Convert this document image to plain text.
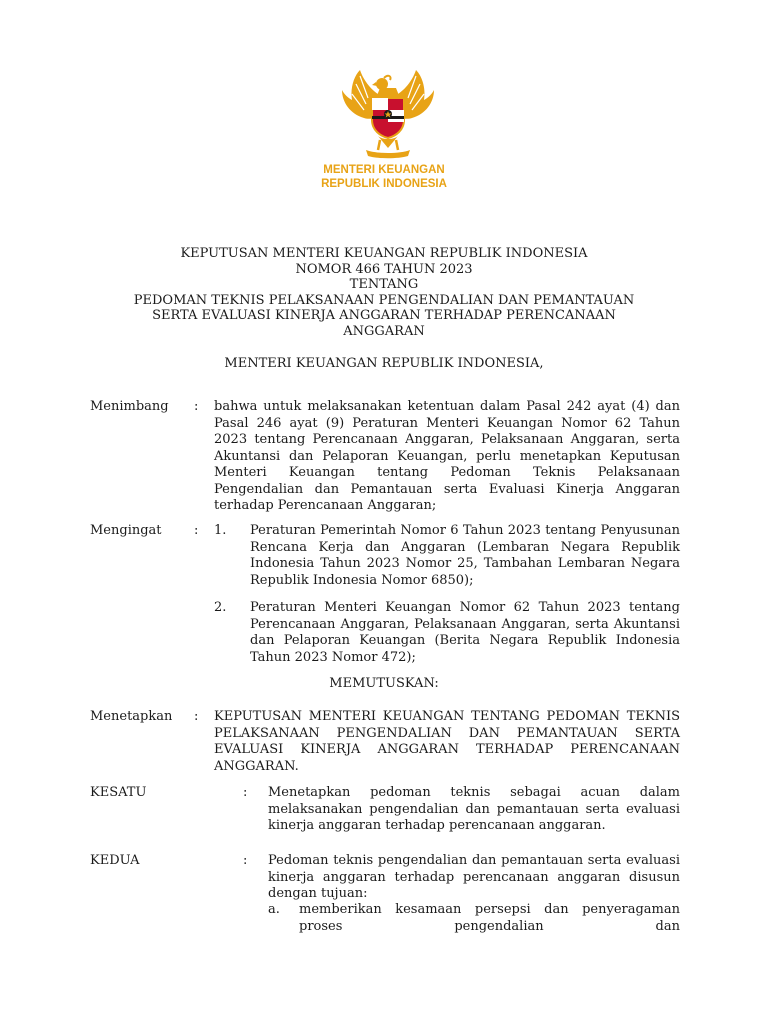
MENTERI KEUANGAN
REPUBLIK INDONESIA
KEPUTUSAN MENTERI KEUANGAN REPUBLIK INDONESIA
NOMOR 466 TAHUN 2023
TENTANG
PEDOMAN TEKNIS PELAKSANAAN PENGENDALIAN DAN PEMANTAUAN
SERTA EVALUASI KINERJA ANGGARAN TERHADAP PERENCANAAN
ANGGARAN
MENTERI KEUANGAN REPUBLIK INDONESIA,
Menimbang : bahwa untuk melaksanakan ketentuan dalam Pasal 242 ayat (4) dan Pasal 246 ayat (9) Peraturan Menteri Keuangan Nomor 62 Tahun 2023 tentang Perencanaan Anggaran, Pelaksanaan Anggaran, serta Akuntansi dan Pelaporan Keuangan, perlu menetapkan Keputusan Menteri Keuangan tentang Pedoman Teknis Pelaksanaan Pengendalian dan Pemantauan serta Evaluasi Kinerja Anggaran terhadap Perencanaan Anggaran;
Mengingat : 1. Peraturan Pemerintah Nomor 6 Tahun 2023 tentang Penyusunan Rencana Kerja dan Anggaran (Lembaran Negara Republik Indonesia Tahun 2023 Nomor 25, Tambahan Lembaran Negara Republik Indonesia Nomor 6850);
2. Peraturan Menteri Keuangan Nomor 62 Tahun 2023 tentang Perencanaan Anggaran, Pelaksanaan Anggaran, serta Akuntansi dan Pelaporan Keuangan (Berita Negara Republik Indonesia Tahun 2023 Nomor 472);
MEMUTUSKAN:
Menetapkan : KEPUTUSAN MENTERI KEUANGAN TENTANG PEDOMAN TEKNIS PELAKSANAAN PENGENDALIAN DAN PEMANTAUAN SERTA EVALUASI KINERJA ANGGARAN TERHADAP PERENCANAAN ANGGARAN.
KESATU	: Menetapkan pedoman teknis sebagai acuan dalam melaksanakan pengendalian dan pemantauan serta evaluasi kinerja anggaran terhadap perencanaan anggaran.
KEDUA	: Pedoman teknis pengendalian dan pemantauan serta evaluasi kinerja anggaran terhadap perencanaan anggaran disusun dengan tujuan:
a. memberikan kesamaan persepsi dan penyeragaman proses pengendalian dan
